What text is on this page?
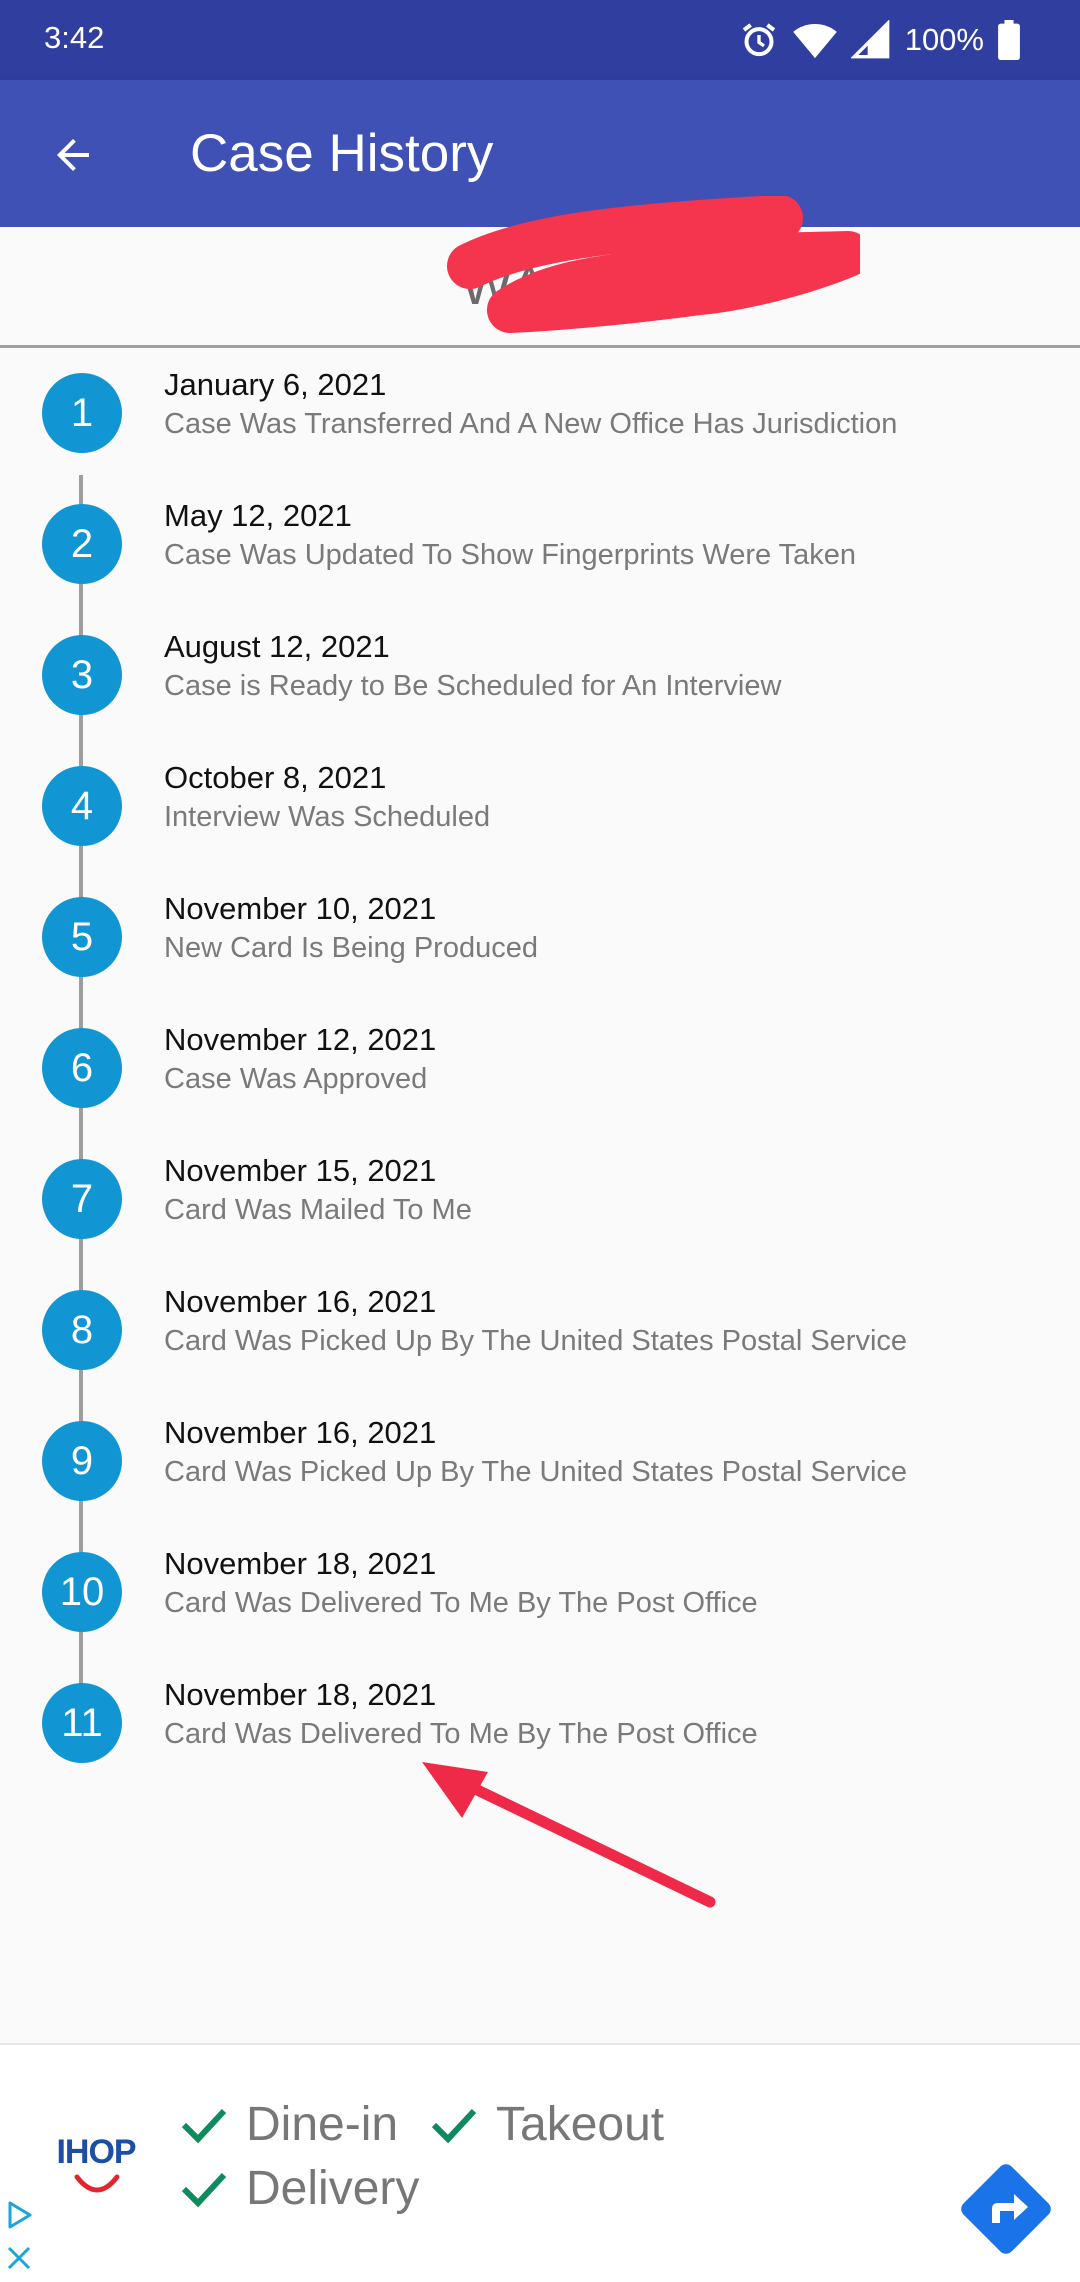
3:42	100%
Case History
WAC2
1
January 6, 2021
Case Was Transferred And A New Office Has Jurisdiction
2
May 12, 2021
Case Was Updated To Show Fingerprints Were Taken
3
August 12, 2021
Case is Ready to Be Scheduled for An Interview
4
October 8, 2021
Interview Was Scheduled
5
November 10, 2021
New Card Is Being Produced
6
November 12, 2021
Case Was Approved
7
November 15, 2021
Card Was Mailed To Me
8
November 16, 2021
Card Was Picked Up By The United States Postal Service
9
November 16, 2021
Card Was Picked Up By The United States Postal Service
10
November 18, 2021
Card Was Delivered To Me By The Post Office
11
November 18, 2021
Card Was Delivered To Me By The Post Office
IHOP
Dine-in Takeout
Delivery
